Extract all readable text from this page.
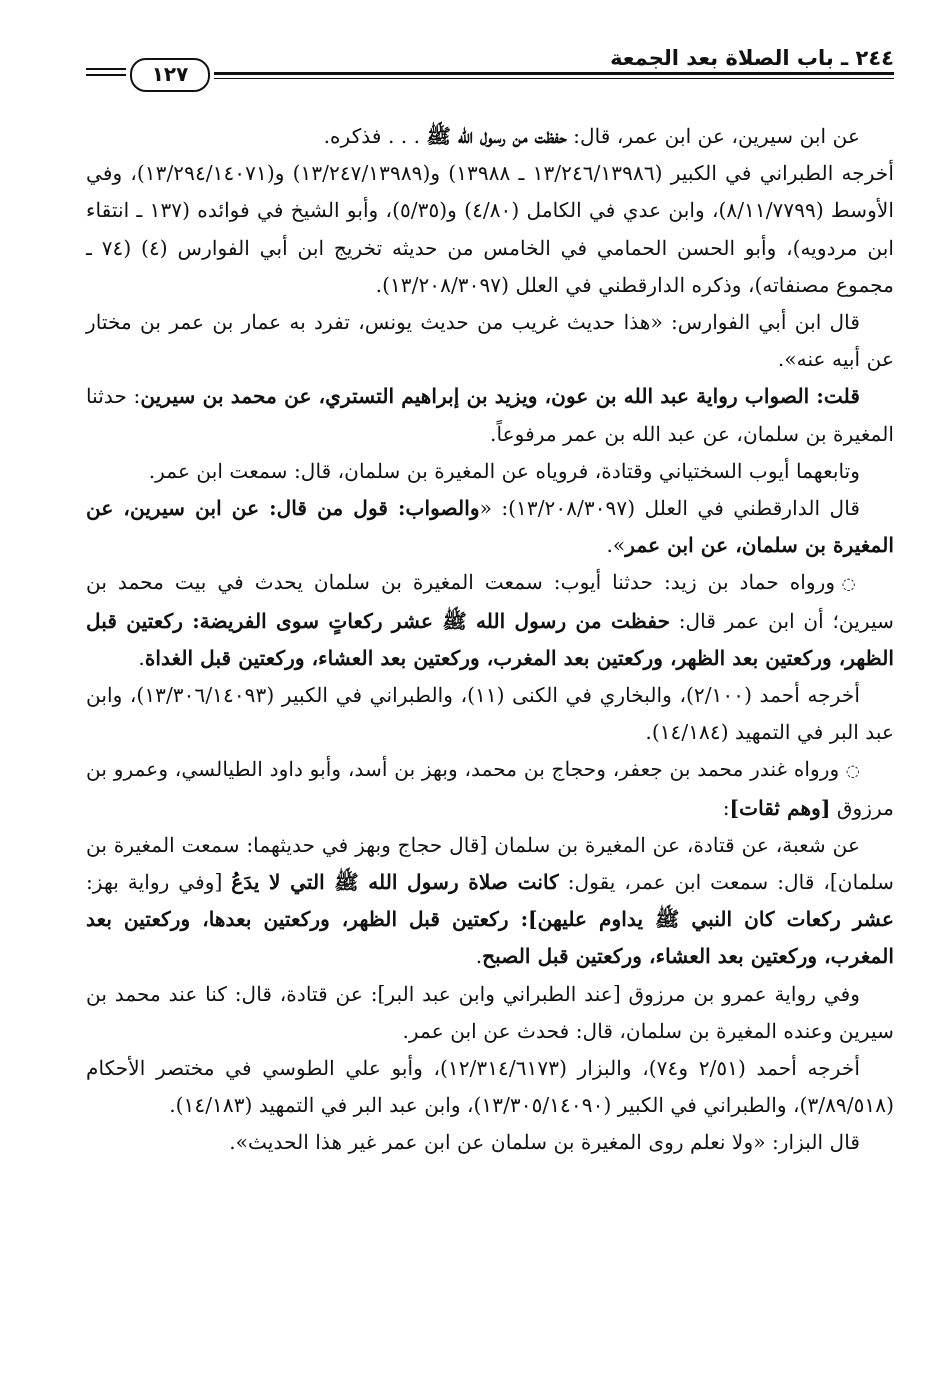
٢٤٤ ـ باب الصلاة بعد الجمعة
١٢٧

عن ابن سيرين، عن ابن عمر، قال: حفظت من رسول الله ﷺ . . . فذكره.

أخرجه الطبراني في الكبير (١٣/٢٤٦/١٣٩٨٦ ـ ١٣٩٨٨) و(١٣/٢٤٧/١٣٩٨٩) و(١٣/٢٩٤/١٤٠٧١)، وفي الأوسط (٨/١١/٧٧٩٩)، وابن عدي في الكامل (٤/٨٠) و(٥/٣٥)، وأبو الشيخ في فوائده (١٣٧ ـ انتقاء ابن مردويه)، وأبو الحسن الحمامي في الخامس من حديثه تخريج ابن أبي الفوارس (٤) (٧٤ ـ مجموع مصنفاته)، وذكره الدارقطني في العلل (١٣/٢٠٨/٣٠٩٧).

قال ابن أبي الفوارس: «هذا حديث غريب من حديث يونس، تفرد به عمار بن عمر بن مختار عن أبيه عنه».

قلت: الصواب رواية عبد الله بن عون، ويزيد بن إبراهيم التستري، عن محمد بن سيرين: حدثنا المغيرة بن سلمان، عن عبد الله بن عمر مرفوعاً.

وتابعهما أيوب السختياني وقتادة، فروياه عن المغيرة بن سلمان، قال: سمعت ابن عمر.

قال الدارقطني في العلل (١٣/٢٠٨/٣٠٩٧): «والصواب: قول من قال: عن ابن سيرين، عن المغيرة بن سلمان، عن ابن عمر».

◌ ورواه حماد بن زيد: حدثنا أيوب: سمعت المغيرة بن سلمان يحدث في بيت محمد بن سيرين؛ أن ابن عمر قال: حفظت من رسول الله ﷺ عشر ركعاتٍ سوى الفريضة: ركعتين قبل الظهر، وركعتين بعد الظهر، وركعتين بعد المغرب، وركعتين بعد العشاء، وركعتين قبل الغداة.

أخرجه أحمد (٢/١٠٠)، والبخاري في الكنى (١١)، والطبراني في الكبير (١٣/٣٠٦/١٤٠٩٣)، وابن عبد البر في التمهيد (١٤/١٨٤).

◌ ورواه غندر محمد بن جعفر، وحجاج بن محمد، وبهز بن أسد، وأبو داود الطيالسي، وعمرو بن مرزوق [وهم ثقات]:

عن شعبة، عن قتادة، عن المغيرة بن سلمان [قال حجاج وبهز في حديثهما: سمعت المغيرة بن سلمان]، قال: سمعت ابن عمر، يقول: كانت صلاة رسول الله ﷺ التي لا يدَعُ [وفي رواية بهز: عشر ركعات كان النبي ﷺ يداوم عليهن]: ركعتين قبل الظهر، وركعتين بعدها، وركعتين بعد المغرب، وركعتين بعد العشاء، وركعتين قبل الصبح.

وفي رواية عمرو بن مرزوق [عند الطبراني وابن عبد البر]: عن قتادة، قال: كنا عند محمد بن سيرين وعنده المغيرة بن سلمان، قال: فحدث عن ابن عمر.

أخرجه أحمد (٢/٥١ و٧٤)، والبزار (١٢/٣١٤/٦١٧٣)، وأبو علي الطوسي في مختصر الأحكام (٣/٨٩/٥١٨)، والطبراني في الكبير (١٣/٣٠٥/١٤٠٩٠)، وابن عبد البر في التمهيد (١٤/١٨٣).

قال البزار: «ولا نعلم روى المغيرة بن سلمان عن ابن عمر غير هذا الحديث».
